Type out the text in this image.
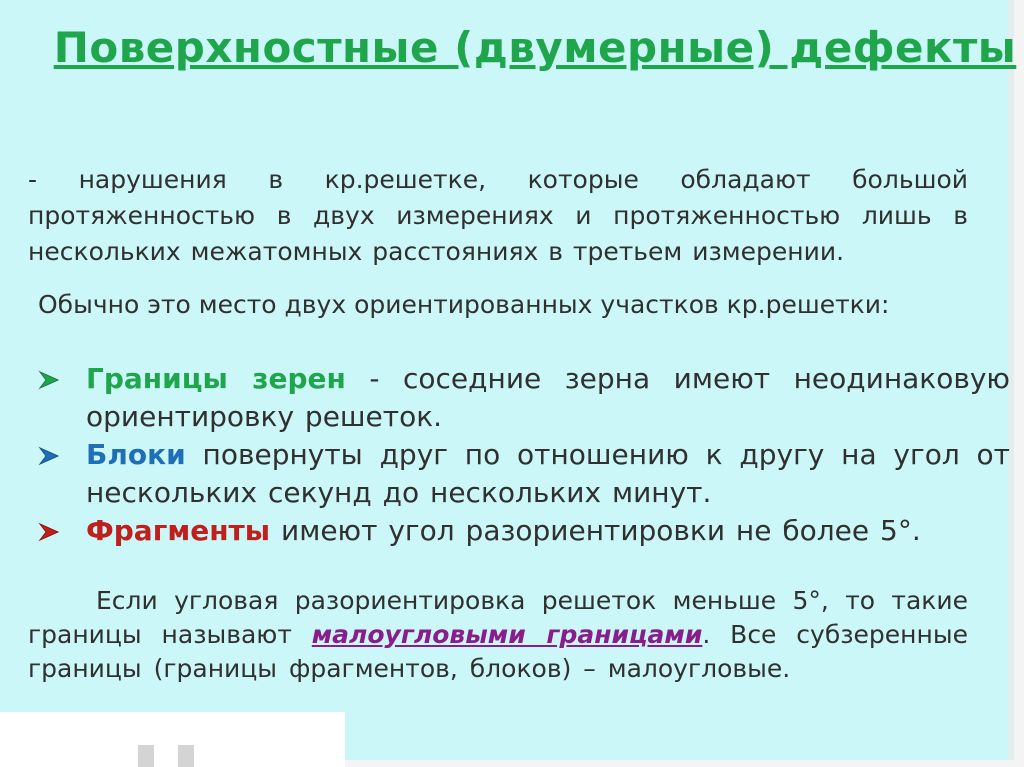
Поверхностные (двумерные) дефекты
- нарушения в кр.решетке, которые обладают большой протяженностью в двух измерениях и протяженностью лишь в нескольких межатомных расстояниях в третьем измерении.
Обычно это место двух ориентированных участков кр.решетки:
Границы зерен - соседние зерна имеют неодинаковую ориентировку решеток.
Блоки повернуты друг по отношению к другу на угол от нескольких секунд до нескольких минут.
Фрагменты имеют угол разориентировки не более 5°.
Если угловая разориентировка решеток меньше 5°, то такие границы называют малоугловыми границами. Все субзеренные границы (границы фрагментов, блоков) – малоугловые.
